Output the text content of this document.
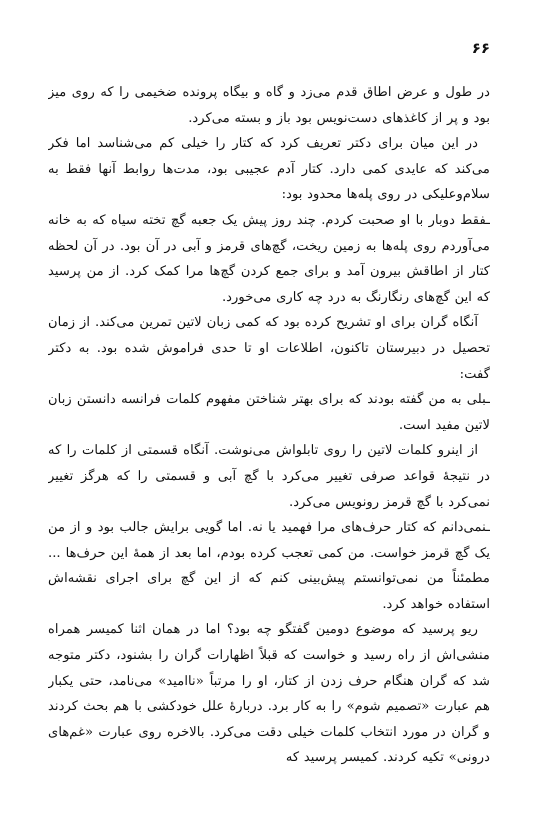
۶۶

در طول و عرض اطاق قدم می‌زد و گاه و بیگاه پرونده ضخیمی را که روی میز بود و پر از کاغذهای دست‌نویس بود باز و بسته می‌کرد.

در این میان برای دکتر تعریف کرد که کتار را خیلی کم می‌شناسد اما فکر می‌کند که عایدی کمی دارد. کتار آدم عجیبی بود، مدت‌ها روابط آنها فقط به سلام‌وعلیکی در روی پله‌ها محدود بود:

ـفقط دوبار با او صحبت کردم. چند روز پیش یک جعبه گچ تخته سیاه که به خانه می‌آوردم روی پله‌ها به زمین ریخت، گچ‌های قرمز و آبی در آن بود. در آن لحظه کتار از اطاقش بیرون آمد و برای جمع کردن گچ‌ها مرا کمک کرد. از من پرسید که این گچ‌های رنگارنگ به درد چه کاری می‌خورد.

آنگاه گران برای او تشریح کرده بود که کمی زبان لاتین تمرین می‌کند. از زمان تحصیل در دبیرستان تاکنون، اطلاعات او تا حدی فراموش شده بود. به دکتر گفت:

ـبلی به من گفته بودند که برای بهتر شناختن مفهوم کلمات فرانسه دانستن زبان لاتین مفید است.

از اینرو کلمات لاتین را روی تابلواش می‌نوشت. آنگاه قسمتی از کلمات را که در نتیجهٔ قواعد صرفی تغییر می‌کرد با گچ آبی و قسمتی را که هرگز تغییر نمی‌کرد با گچ قرمز رونویس می‌کرد.

ـنمی‌دانم که کتار حرف‌های مرا فهمید یا نه. اما گویی برایش جالب بود و از من یک گچ قرمز خواست. من کمی تعجب کرده بودم، اما بعد از همهٔ این حرف‌ها ... مطمئناً من نمی‌توانستم پیش‌بینی کنم که از این گچ برای اجرای نقشه‌اش استفاده خواهد کرد.

ریو پرسید که موضوع دومین گفتگو چه بود؟ اما در همان اثنا کمیسر همراه منشی‌اش از راه رسید و خواست که قبلاً اظهارات گران را بشنود، دکتر متوجه شد که گران هنگام حرف زدن از کتار، او را مرتباً «ناامید» می‌نامد، حتی یکبار هم عبارت «تصمیم شوم» را به کار برد. دربارهٔ علل خودکشی با هم بحث کردند و گران در مورد انتخاب کلمات خیلی دقت می‌کرد. بالاخره روی عبارت «غم‌های درونی» تکیه کردند. کمیسر پرسید که
